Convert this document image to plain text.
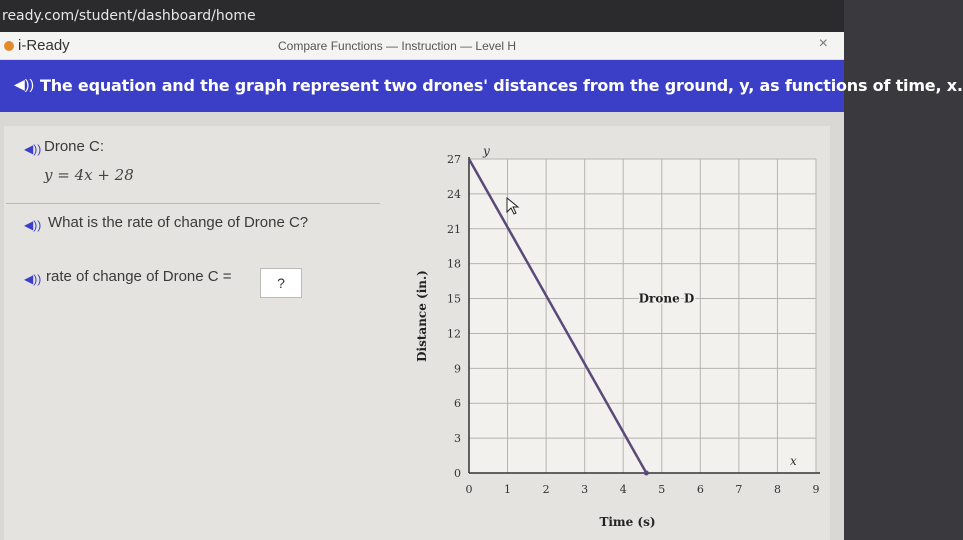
ready.com/student/dashboard/home
i-Ready	Compare Functions — Instruction — Level H	×
◀)) The equation and the graph represent two drones' distances from the ground, y, as functions of time, x.
◀)) Drone C:
y = 4x + 28
◀)) What is the rate of change of Drone C?
◀)) rate of change of Drone C =	?
0	1	2	3	4	5	6	7	8	9
0
3
6
9
12
15
18
21
24
27
y
x
Time (s)
Distance (in.)	Drone D
